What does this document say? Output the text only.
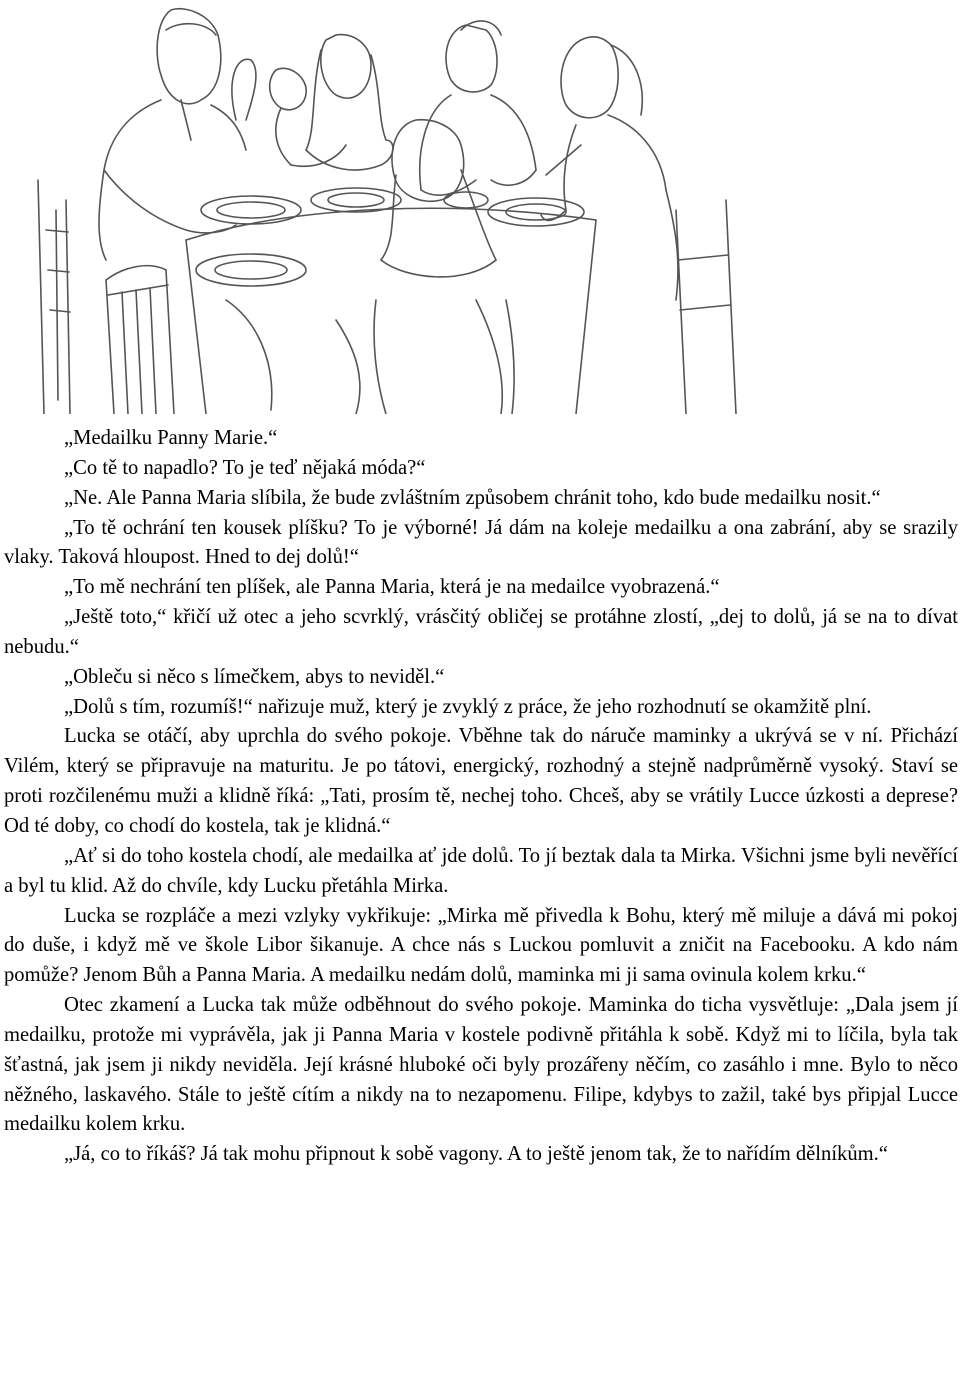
„Medailku Panny Marie.“

„Co tě to napadlo? To je teď nějaká móda?“

„Ne. Ale Panna Maria slíbila, že bude zvláštním způsobem chránit toho, kdo bude medailku nosit.“

„To tě ochrání ten kousek plíšku? To je výborné! Já dám na koleje medailku a ona zabrání, aby se srazily vlaky. Taková hloupost. Hned to dej dolů!“

„To mě nechrání ten plíšek, ale Panna Maria, která je na medailce vyobrazená.“

„Ještě toto,“ křičí už otec a jeho scvrklý, vrásčitý obličej se protáhne zlostí, „dej to dolů, já se na to dívat nebudu.“

„Obleču si něco s límečkem, abys to neviděl.“

„Dolů s tím, rozumíš!“ nařizuje muž, který je zvyklý z práce, že jeho rozhodnutí se okamžitě plní.

Lucka se otáčí, aby uprchla do svého pokoje. Vběhne tak do náruče maminky a ukrývá se v ní. Přichází Vilém, který se připravuje na maturitu. Je po tátovi, energický, rozhodný a stejně nadprůměrně vysoký. Staví se proti rozčilenému muži a klidně říká: „Tati, prosím tě, nechej toho. Chceš, aby se vrátily Lucce úzkosti a deprese? Od té doby, co chodí do kostela, tak je klidná.“

„Ať si do toho kostela chodí, ale medailka ať jde dolů. To jí beztak dala ta Mirka. Všichni jsme byli nevěřící a byl tu klid. Až do chvíle, kdy Lucku přetáhla Mirka.

Lucka se rozpláče a mezi vzlyky vykřikuje: „Mirka mě přivedla k Bohu, který mě miluje a dává mi pokoj do duše, i když mě ve škole Libor šikanuje. A chce nás s Luckou pomluvit a zničit na Facebooku. A kdo nám pomůže? Jenom Bůh a Panna Maria. A medailku nedám dolů, maminka mi ji sama ovinula kolem krku.“

Otec zkamení a Lucka tak může odběhnout do svého pokoje. Maminka do ticha vysvětluje: „Dala jsem jí medailku, protože mi vyprávěla, jak ji Panna Maria v kostele podivně přitáhla k sobě. Když mi to líčila, byla tak šťastná, jak jsem ji nikdy neviděla. Její krásné hluboké oči byly prozářeny něčím, co zasáhlo i mne. Bylo to něco něžného, laskavého. Stále to ještě cítím a nikdy na to nezapomenu. Filipe, kdybys to zažil, také bys připjal Lucce medailku kolem krku.

„Já, co to říkáš? Já tak mohu připnout k sobě vagony. A to ještě jenom tak, že to nařídím dělníkům.“
